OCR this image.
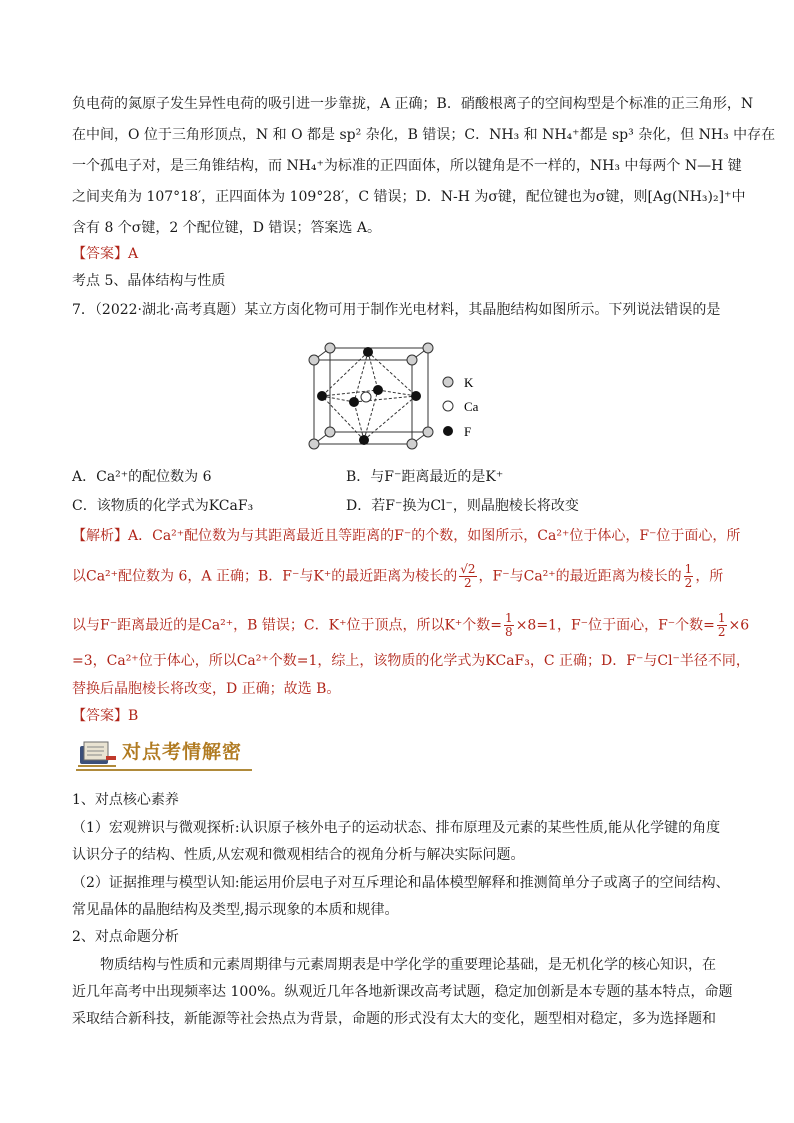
负电荷的氮原子发生异性电荷的吸引进一步靠拢，A 正确；B．硝酸根离子的空间构型是个标准的正三角形，N
在中间，O 位于三角形顶点，N 和 O 都是 sp² 杂化，B 错误；C．NH₃ 和 NH₄⁺都是 sp³ 杂化，但 NH₃ 中存在
一个孤电子对，是三角锥结构，而 NH₄⁺为标准的正四面体，所以键角是不一样的，NH₃ 中每两个 N—H 键
之间夹角为 107°18′，正四面体为 109°28′，C 错误；D．N-H 为σ键，配位键也为σ键，则[Ag(NH₃)₂]⁺中
含有 8 个σ键，2 个配位键，D 错误；答案选 A。
【答案】A
考点 5、晶体结构与性质
7．（2022·湖北·高考真题）某立方卤化物可用于制作光电材料，其晶胞结构如图所示。下列说法错误的是
K
Ca
F
A．Ca²⁺的配位数为 6	B．与F⁻距离最近的是K⁺
C．该物质的化学式为KCaF₃	D．若F⁻换为Cl⁻，则晶胞棱长将改变
【解析】A．Ca²⁺配位数为与其距离最近且等距离的F⁻的个数，如图所示，Ca²⁺位于体心，F⁻位于面心，所
以Ca²⁺配位数为 6，A 正确；B．F⁻与K⁺的最近距离为棱长的 $\frac{√2}{2}$ ，F⁻与Ca²⁺的最近距离为棱长的 $\frac{1}{2}$ ，所
以与F⁻距离最近的是Ca²⁺，B 错误；C．K⁺位于顶点，所以K⁺个数= $\frac{1}{8} \times 8=1$，F⁻位于面心，F⁻个数= $\frac{1}{2} \times 6$
=3，Ca²⁺位于体心，所以Ca²⁺个数=1，综上，该物质的化学式为KCaF₃，C 正确；D．F⁻与Cl⁻半径不同，
替换后晶胞棱长将改变，D 正确；故选 B。
【答案】B
对点考情解密
1、对点核心素养
（1）宏观辨识与微观探析:认识原子核外电子的运动状态、排布原理及元素的某些性质,能从化学键的角度
认识分子的结构、性质,从宏观和微观相结合的视角分析与解决实际问题。
（2）证据推理与模型认知:能运用价层电子对互斥理论和晶体模型解释和推测简单分子或离子的空间结构、
常见晶体的晶胞结构及类型,揭示现象的本质和规律。
2、对点命题分析
物质结构与性质和元素周期律与元素周期表是中学化学的重要理论基础，是无机化学的核心知识，在
近几年高考中出现频率达 100%。纵观近几年各地新课改高考试题，稳定加创新是本专题的基本特点，命题
采取结合新科技，新能源等社会热点为背景，命题的形式没有太大的变化，题型相对稳定，多为选择题和
